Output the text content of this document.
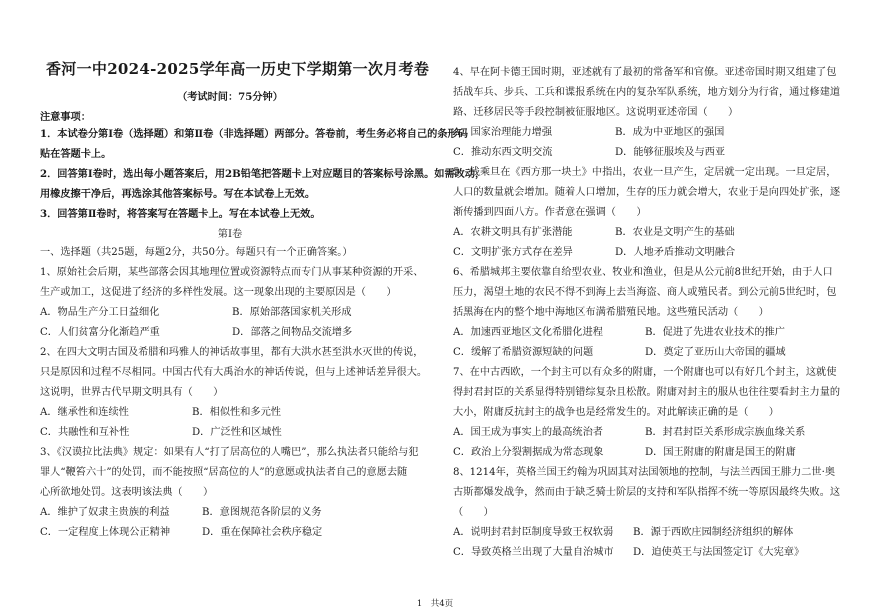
香河一中2024-2025学年高一历史下学期第一次月考卷
（考试时间：75分钟）
注意事项：
1．本试卷分第Ⅰ卷（选择题）和第Ⅱ卷（非选择题）两部分。答卷前，考生务必将自己的条形码
贴在答题卡上。
2．回答第Ⅰ卷时，选出每小题答案后，用2B铅笔把答题卡上对应题目的答案标号涂黑。如需改动，
用橡皮擦干净后，再选涂其他答案标号。写在本试卷上无效。
3．回答第Ⅱ卷时，将答案写在答题卡上。写在本试卷上无效。
第Ⅰ卷
一、选择题（共25题，每题2分，共50分。每题只有一个正确答案。）
1、原始社会后期，某些部落会因其地理位置或资源特点而专门从事某种资源的开采、
生产或加工，这促进了经济的多样性发展。这一现象出现的主要原因是（　　）
A．物品生产分工日益细化	B．原始部落国家机关形成
C．人们贫富分化渐趋严重	D．部落之间物品交流增多
2、在四大文明古国及希腊和玛雅人的神话故事里，都有大洪水甚至洪水灭世的传说，
只是原因和过程不尽相同。中国古代有大禹治水的神话传说，但与上述神话差异很大。
这说明，世界古代早期文明具有（　　）
A．继承性和连续性	B．相似性和多元性
C．共融性和互补性	D．广泛性和区域性
3、《汉谟拉比法典》规定：如果有人“打了居高位的人嘴巴”，那么执法者只能给与犯
罪人“鞭笞六十”的处罚，而不能按照“居高位的人”的意愿或执法者自己的意愿去随
心所欲地处罚。这表明该法典（　　）
A．维护了奴隶主贵族的利益	B．意图规范各阶层的义务
C．一定程度上体现公正精神	D．重在保障社会秩序稳定
4、早在阿卡德王国时期，亚述就有了最初的常备军和官僚。亚述帝国时期又组建了包
括战车兵、步兵、工兵和谍报系统在内的复杂军队系统，地方划分为行省，通过修建道
路、迁移居民等手段控制被征服地区。这说明亚述帝国（　　）
A．国家治理能力增强	B．成为中亚地区的强国
C．推动东西文明交流	D．能够征服埃及与西亚
5、钱乘旦在《西方那一块土》中指出，农业一旦产生，定居就一定出现。一旦定居，
人口的数量就会增加。随着人口增加，生存的压力就会增大，农业于是向四处扩张，逐
渐传播到四面八方。作者意在强调（　　）
A．农耕文明具有扩张潜能	B．农业是文明产生的基础
C．文明扩张方式存在差异	D．人地矛盾推动文明融合
6、希腊城邦主要依靠自给型农业、牧业和渔业，但是从公元前8世纪开始，由于人口
压力，渴望土地的农民不得不到海上去当海盗、商人或殖民者。到公元前5世纪时，包
括黑海在内的整个地中海地区布满希腊殖民地。这些殖民活动（　　）
A．加速西亚地区文化希腊化进程	B．促进了先进农业技术的推广
C．缓解了希腊资源短缺的问题	D．奠定了亚历山大帝国的疆域
7、在中古西欧，一个封主可以有众多的附庸，一个附庸也可以有好几个封主，这就使
得封君封臣的关系显得特别错综复杂且松散。附庸对封主的服从也往往要看封主力量的
大小，附庸反抗封主的战争也是经常发生的。对此解读正确的是（　　）
A．国王成为事实上的最高统治者	B．封君封臣关系形成宗族血缘关系
C．政治上分裂割据成为常态现象	D．国王附庸的附庸是国王的附庸
8、1214年，英格兰国王约翰为巩固其对法国领地的控制，与法兰西国王腓力二世·奥
古斯都爆发战争，然而由于缺乏骑士阶层的支持和军队指挥不统一等原因最终失败。这
（　　）
A．说明封君封臣制度导致王权软弱 B．源于西欧庄园制经济组织的解体
C．导致英格兰出现了大量自治城市 D．迫使英王与法国签定订《大宪章》
1　共4页
